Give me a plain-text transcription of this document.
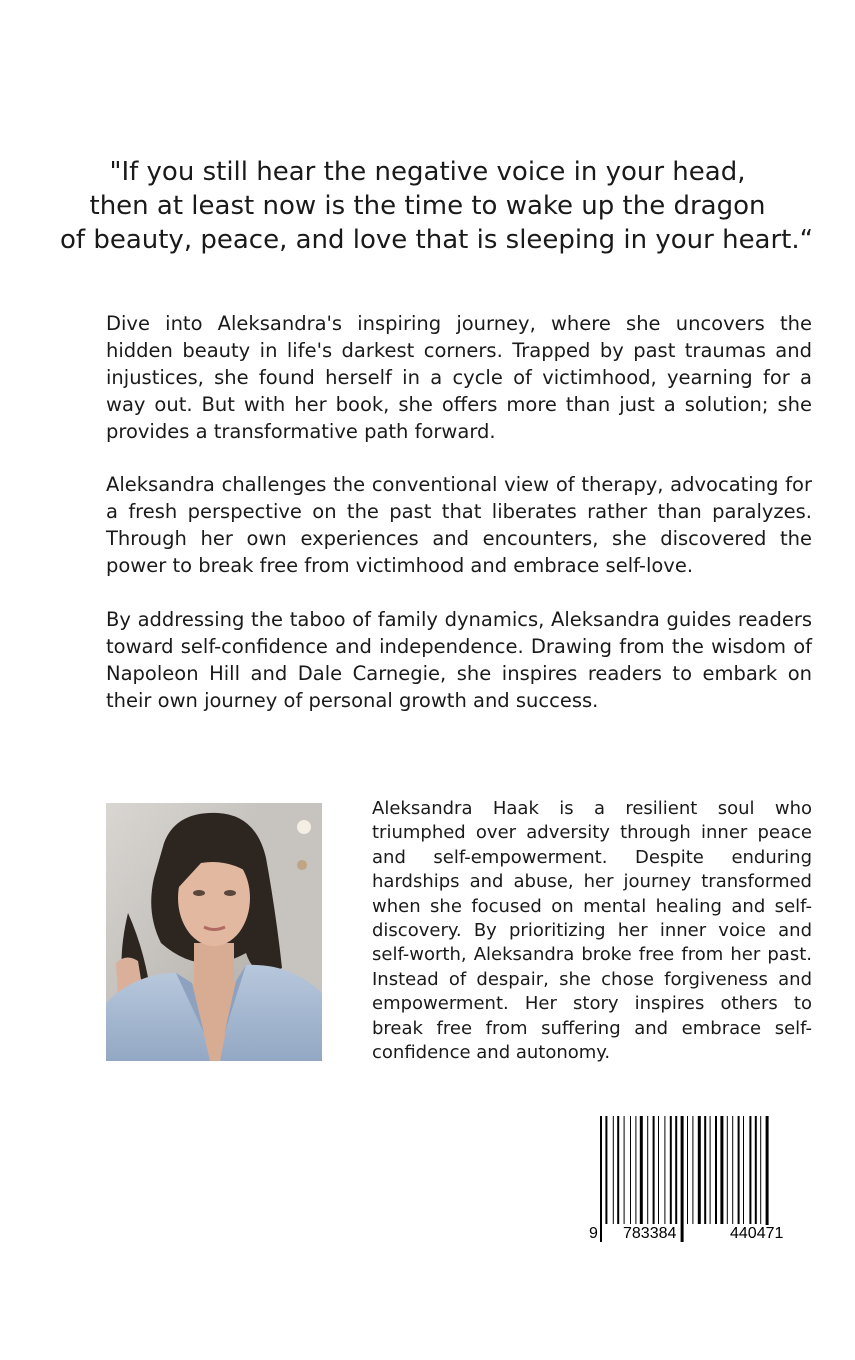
"If you still hear the negative voice in your head,
then at least now is the time to wake up the dragon
of beauty, peace, and love that is sleeping in your heart.“

Dive into Aleksandra's inspiring journey, where she uncovers the hidden beauty in life's darkest corners. Trapped by past traumas and injustices, she found herself in a cycle of victimhood, yearning for a way out. But with her book, she offers more than just a solution; she provides a transformative path forward.

Aleksandra challenges the conventional view of therapy, advocating for a fresh perspective on the past that liberates rather than paralyzes. Through her own experiences and encounters, she discovered the power to break free from victimhood and embrace self-love.

By addressing the taboo of family dynamics, Aleksandra guides readers toward self-confidence and independence. Drawing from the wisdom of Napoleon Hill and Dale Carnegie, she inspires readers to embark on their own journey of personal growth and success.

Aleksandra Haak is a resilient soul who triumphed over adversity through inner peace and self-empowerment. Despite enduring hardships and abuse, her journey transformed when she focused on mental healing and self-discovery. By prioritizing her inner voice and self-worth, Aleksandra broke free from her past. Instead of despair, she chose forgiveness and empowerment. Her story inspires others to break free from suffering and embrace self-confidence and autonomy.

9 783384	440471
